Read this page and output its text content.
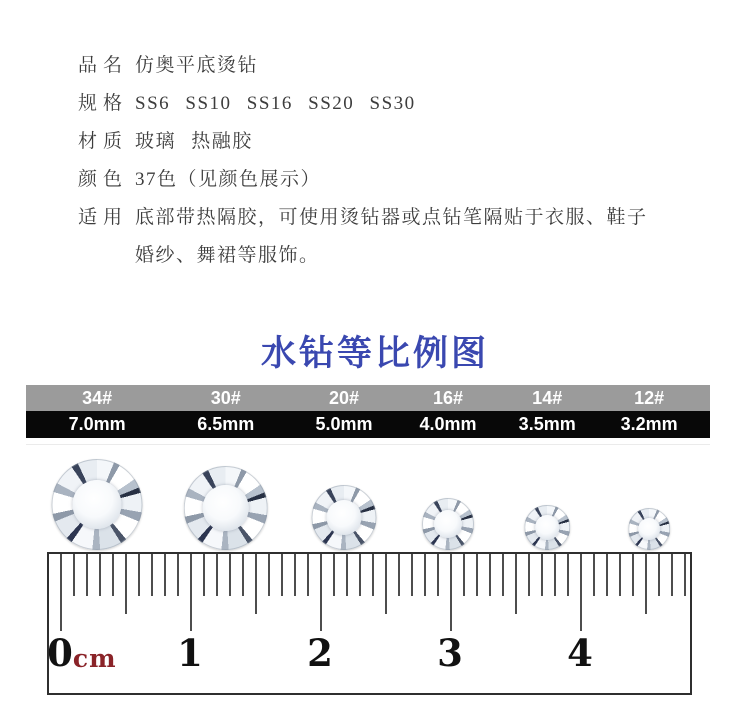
品名 仿奥平底烫钻
规格 SS6 SS10 SS16 SS20 SS30
材质 玻璃 热融胶
颜色 37色（见颜色展示）
适用 底部带热隔胶，可使用烫钻器或点钻笔隔贴于衣服、鞋子
婚纱、舞裙等服饰。
水钻等比例图
34#	30#	20#	16#	14#	12#
7.0mm	6.5mm	5.0mm	4.0mm 3.5mm 3.2mm
0 cm 1	2	3	4
